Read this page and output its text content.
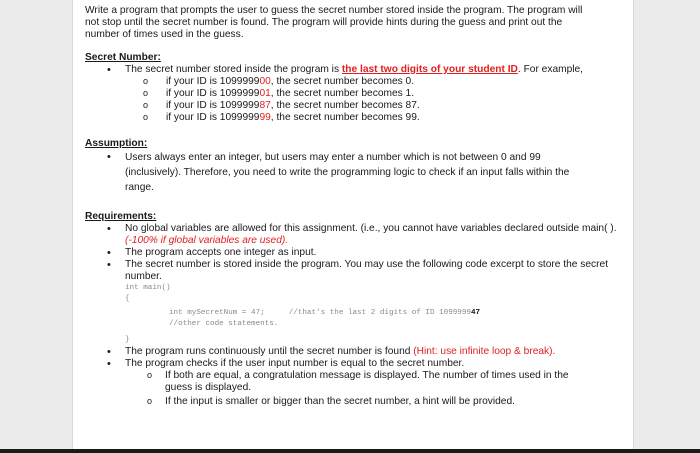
Write a program that prompts the user to guess the secret number stored inside the program. The program will not stop until the secret number is found. The program will provide hints during the guess and print out the number of times used in the guess.

Secret Number:

• The secret number stored inside the program is the last two digits of your student ID. For example,
o if your ID is 109999900, the secret number becomes 0.
o if your ID is 109999901, the secret number becomes 1.
o if your ID is 109999987, the secret number becomes 87.
o if your ID is 109999999, the secret number becomes 99.

Assumption:

• Users always enter an integer, but users may enter a number which is not between 0 and 99 (inclusively). Therefore, you need to write the programming logic to check if an input falls within the range.

Requirements:

• No global variables are allowed for this assignment. (i.e., you cannot have variables declared outside main( ). (-100% if global variables are used).
• The program accepts one integer as input.
• The secret number is stored inside the program. You may use the following code excerpt to store the secret number.
int main()
{
int mySecretNum = 47;	//that's the last 2 digits of ID 109999947
//other code statements.
}
• The program runs continuously until the secret number is found (Hint: use infinite loop & break).
• The program checks if the user input number is equal to the secret number.
o If both are equal, a congratulation message is displayed. The number of times used in the guess is displayed.
o If the input is smaller or bigger than the secret number, a hint will be provided.
